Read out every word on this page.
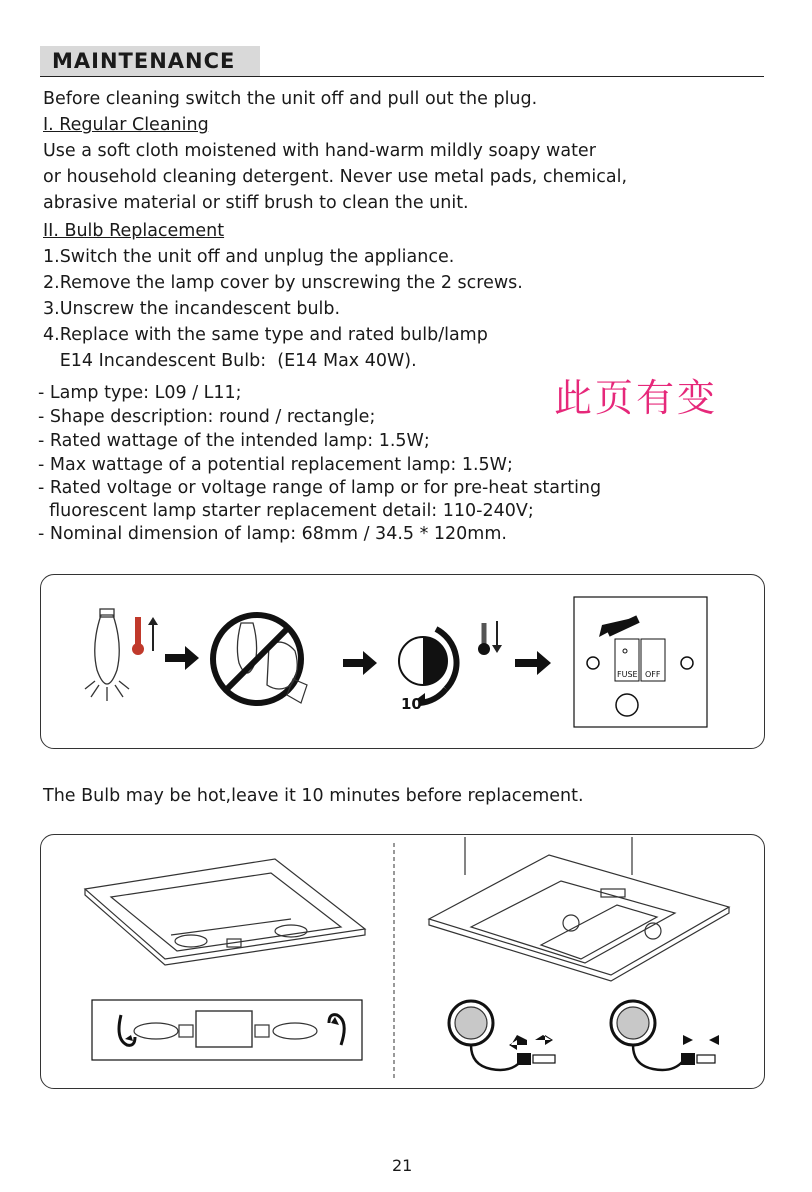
MAINTENANCE
Before cleaning switch the unit off and pull out the plug.
I. Regular Cleaning
Use a soft cloth moistened with hand-warm mildly soapy water
or household cleaning detergent. Never use metal pads, chemical,
abrasive material or stiff brush to clean the unit.
II. Bulb Replacement
1.Switch the unit off and unplug the appliance.
2.Remove the lamp cover by unscrewing the 2 screws.
3.Unscrew the incandescent bulb.
4.Replace with the same type and rated bulb/lamp
E14 Incandescent Bulb:  (E14 Max 40W).
- Lamp type: L09 / L11;
- Shape description: round / rectangle;
- Rated wattage of the intended lamp: 1.5W;
- Max wattage of a potential replacement lamp: 1.5W;
- Rated voltage or voltage range of lamp or for pre-heat starting
fluorescent lamp starter replacement detail: 110-240V;
- Nominal dimension of lamp: 68mm / 34.5 * 120mm.
此页有变
10'
FUSE OFF
The Bulb may be hot,leave it 10 minutes before replacement.
21
